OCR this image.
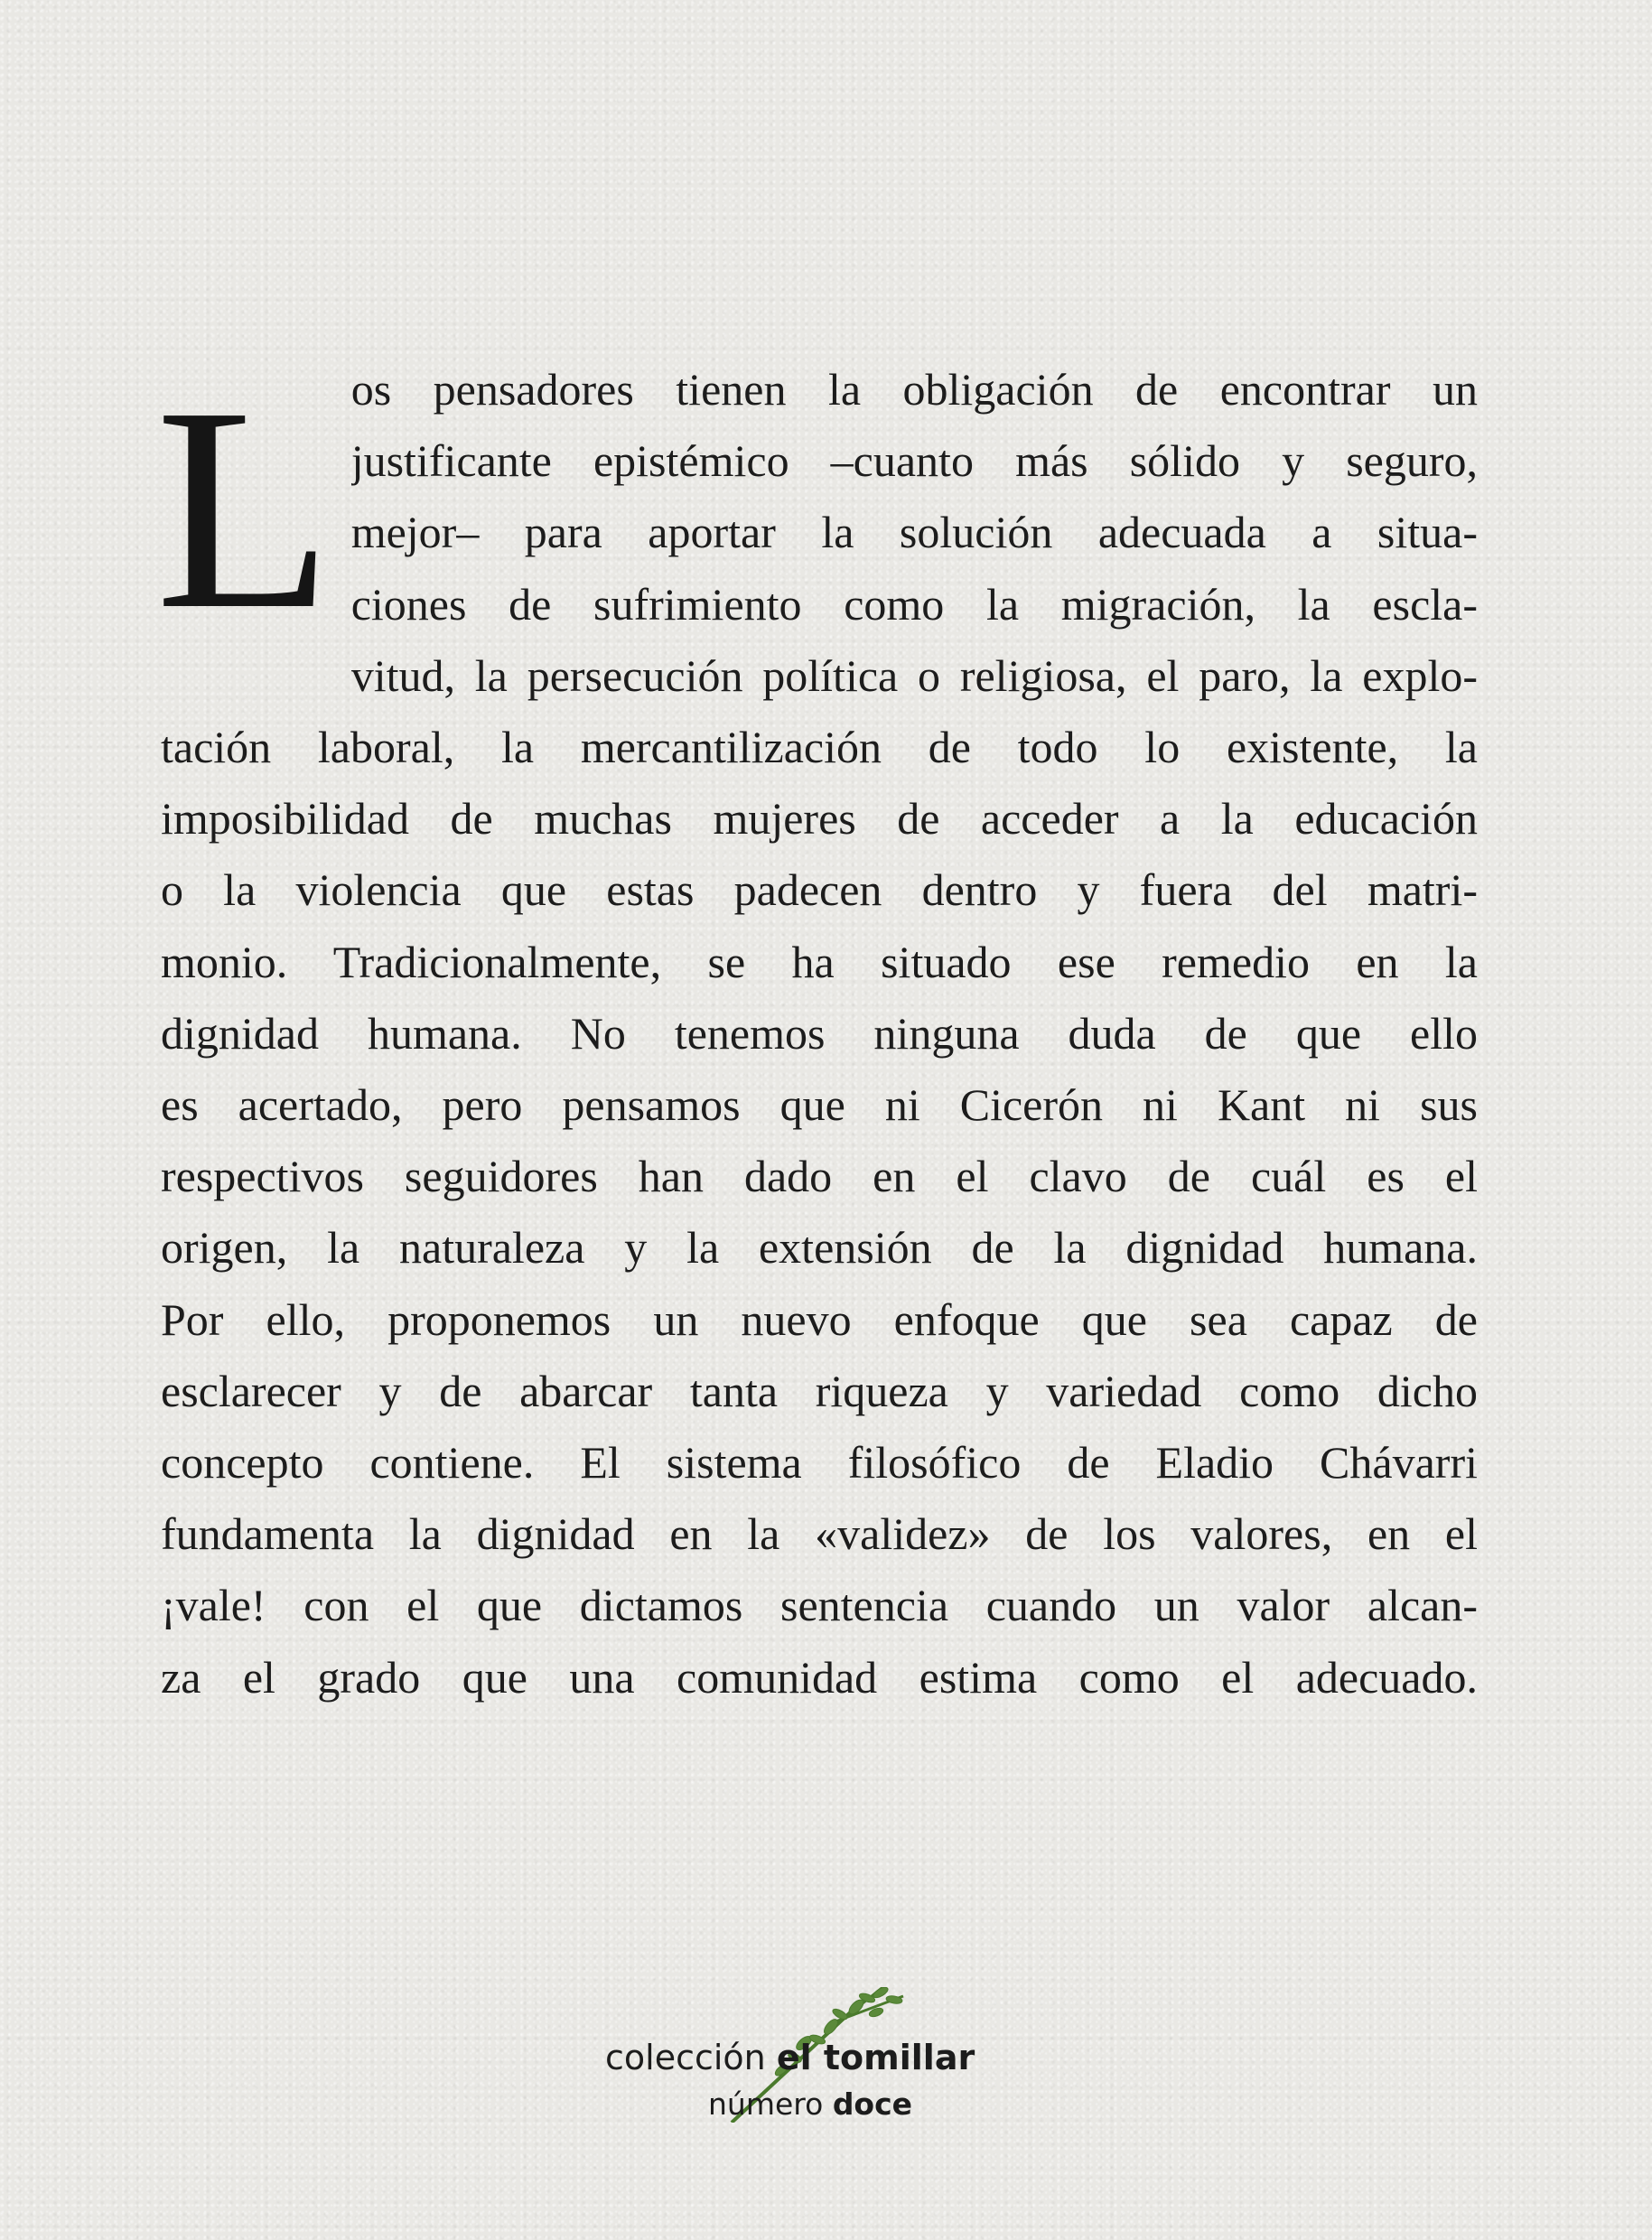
L os pensadores tienen la obligación de encontrar un
justificante epistémico –cuanto más sólido y seguro,
mejor– para aportar la solución adecuada a situa-
ciones de sufrimiento como la migración, la escla-
vitud, la persecución política o religiosa, el paro, la explo-
tación laboral, la mercantilización de todo lo existente, la
imposibilidad de muchas mujeres de acceder a la educación
o la violencia que estas padecen dentro y fuera del matri-
monio. Tradicionalmente, se ha situado ese remedio en la
dignidad humana. No tenemos ninguna duda de que ello
es acertado, pero pensamos que ni Cicerón ni Kant ni sus
respectivos seguidores han dado en el clavo de cuál es el
origen, la naturaleza y la extensión de la dignidad humana.
Por ello, proponemos un nuevo enfoque que sea capaz de
esclarecer y de abarcar tanta riqueza y variedad como dicho
concepto contiene. El sistema filosófico de Eladio Chávarri
fundamenta la dignidad en la «validez» de los valores, en el
¡vale! con el que dictamos sentencia cuando un valor alcan-
za el grado que una comunidad estima como el adecuado.
colección el tomillar
número doce
